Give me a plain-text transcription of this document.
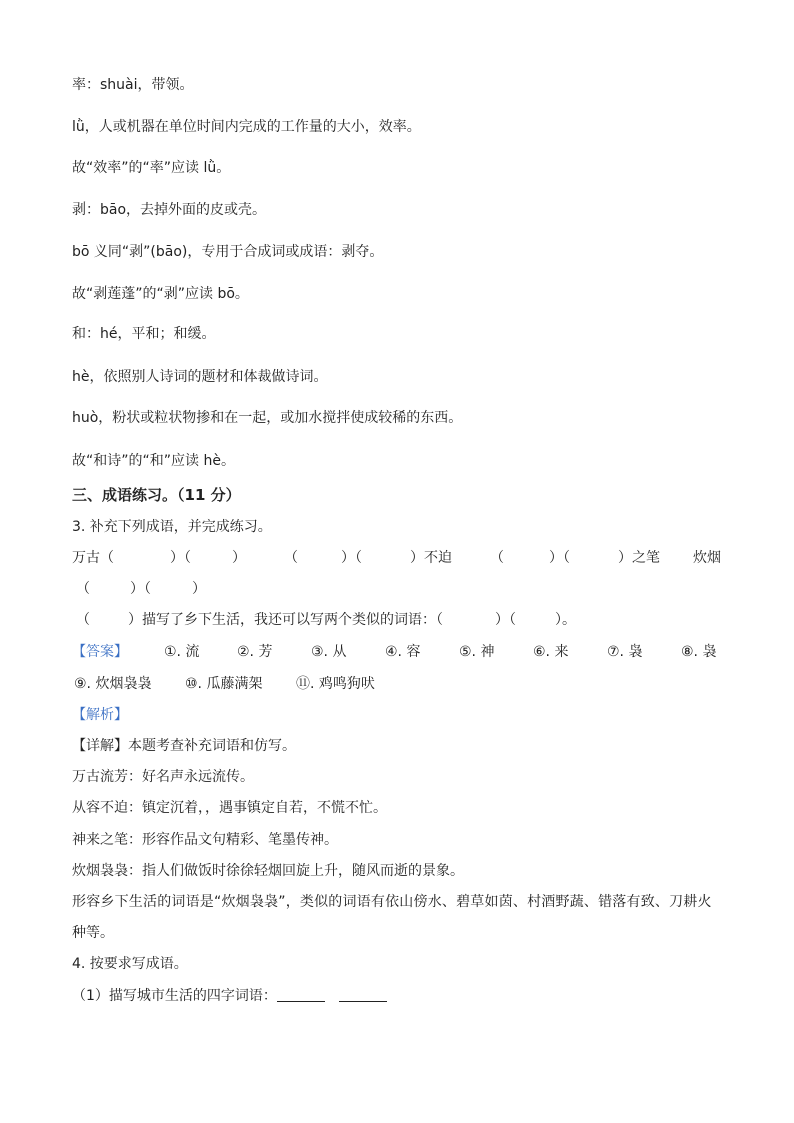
率：shuài，带领。
lǜ，人或机器在单位时间内完成的工作量的大小，效率。
故“效率”的“率”应读 lǜ。
剥：bāo，去掉外面的皮或壳。
bō 义同“剥”(bāo)，专用于合成词或成语：剥夺。
故“剥莲蓬”的“剥”应读 bō。
和：hé，平和；和缓。
hè，依照别人诗词的题材和体裁做诗词。
huò，粉状或粒状物掺和在一起，或加水搅拌使成较稀的东西。
故“和诗”的“和”应读 hè。
三、成语练习。（11 分）
3. 补充下列成语，并完成练习。
万古（	）（	）	（	）（	）不迫	（	）（	）之笔 炊烟
（	）（	）
（	）描写了乡下生活，我还可以写两个类似的词语：（	）（	）。
【答案】	①. 流	②. 芳	③. 从	④. 容	⑤. 神	⑥. 来	⑦. 袅	⑧. 袅
⑨. 炊烟袅袅 ⑩. 瓜藤满架 ⑪. 鸡鸣狗吠
【解析】
【详解】本题考查补充词语和仿写。
万古流芳：好名声永远流传。
从容不迫：镇定沉着，，遇事镇定自若，不慌不忙。
神来之笔：形容作品文句精彩、笔墨传神。
炊烟袅袅：指人们做饭时徐徐轻烟回旋上升，随风而逝的景象。
形容乡下生活的词语是“炊烟袅袅”，类似的词语有依山傍水、碧草如茵、村酒野蔬、错落有致、刀耕火
种等。
4. 按要求写成语。
（1）描写城市生活的四字词语：
